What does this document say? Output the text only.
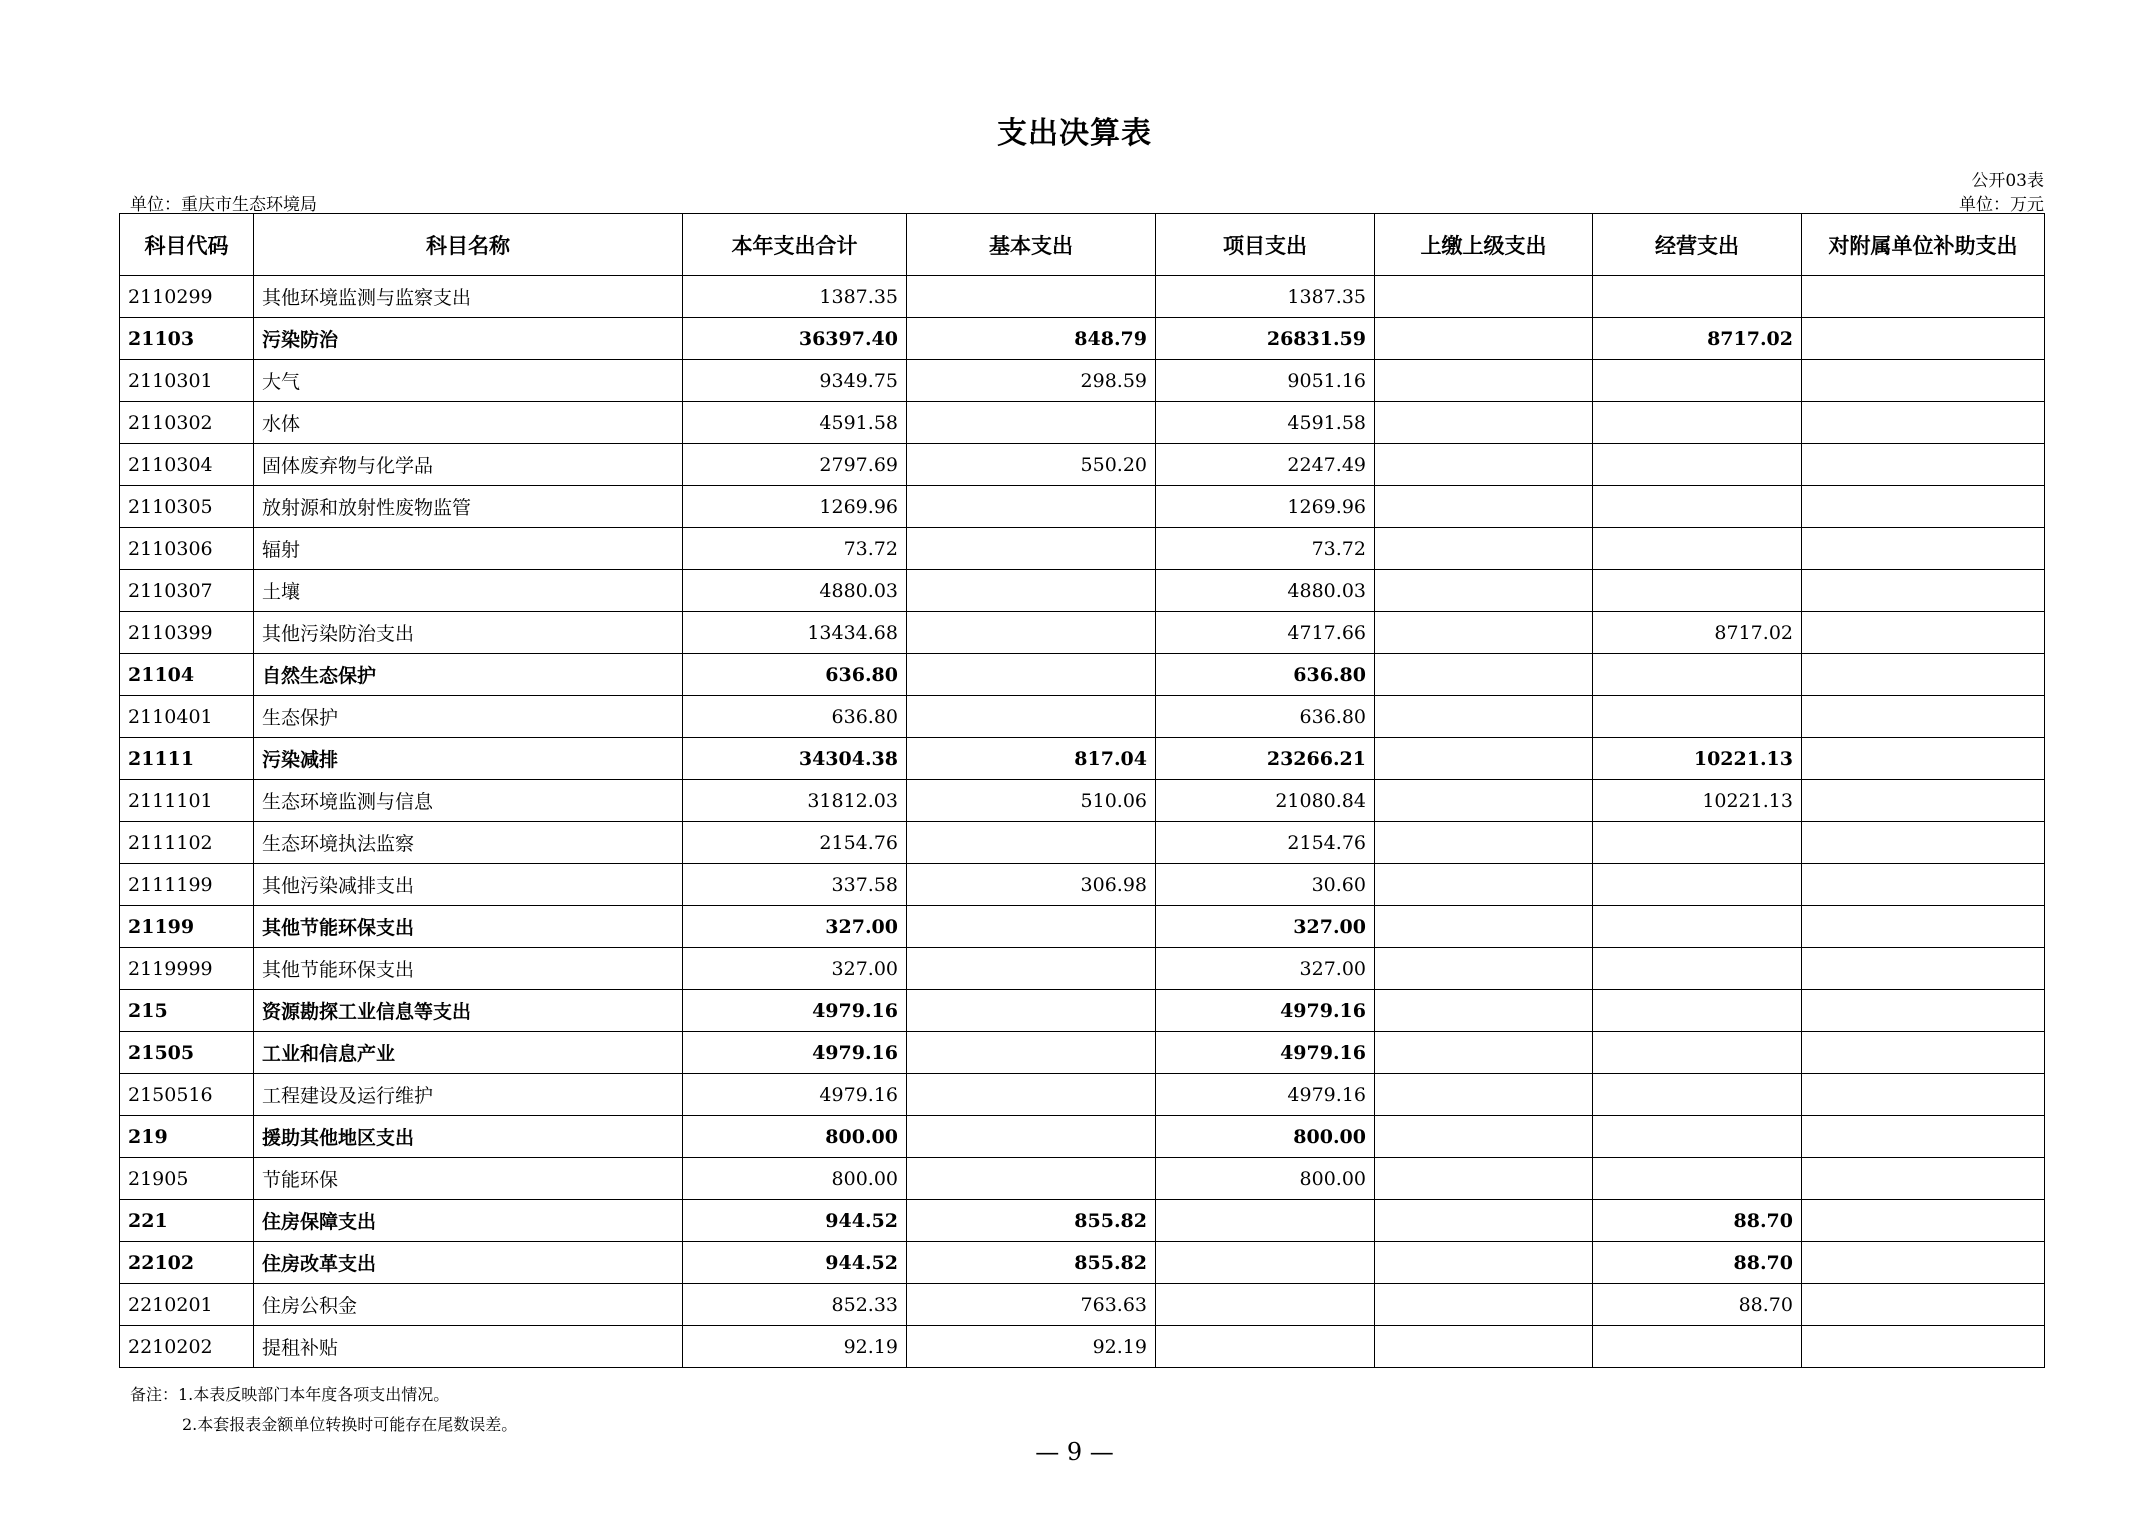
支出决算表
公开03表
单位：重庆市生态环境局	单位：万元
科目代码	科目名称	本年支出合计	基本支出	项目支出	上缴上级支出	经营支出	对附属单位补助支出
2110299	其他环境监测与监察支出	1387.35		1387.35			
21103	污染防治	36397.40	848.79	26831.59		8717.02	
2110301	大气	9349.75	298.59	9051.16			
2110302	水体	4591.58		4591.58			
2110304	固体废弃物与化学品	2797.69	550.20	2247.49			
2110305	放射源和放射性废物监管	1269.96		1269.96			
2110306	辐射	73.72		73.72			
2110307	土壤	4880.03		4880.03			
2110399	其他污染防治支出	13434.68		4717.66		8717.02	
21104	自然生态保护	636.80		636.80			
2110401	生态保护	636.80		636.80			
21111	污染减排	34304.38	817.04	23266.21		10221.13	
2111101	生态环境监测与信息	31812.03	510.06	21080.84		10221.13	
2111102	生态环境执法监察	2154.76		2154.76			
2111199	其他污染减排支出	337.58	306.98	30.60			
21199	其他节能环保支出	327.00		327.00			
2119999	其他节能环保支出	327.00		327.00			
215	资源勘探工业信息等支出	4979.16		4979.16			
21505	工业和信息产业	4979.16		4979.16			
2150516	工程建设及运行维护	4979.16		4979.16			
219	援助其他地区支出	800.00		800.00			
21905	节能环保	800.00		800.00			
221	住房保障支出	944.52	855.82			88.70	
22102	住房改革支出	944.52	855.82			88.70	
2210201	住房公积金	852.33	763.63			88.70	
2210202	提租补贴	92.19	92.19				
备注：1.本表反映部门本年度各项支出情况。
2.本套报表金额单位转换时可能存在尾数误差。
— 9 —
